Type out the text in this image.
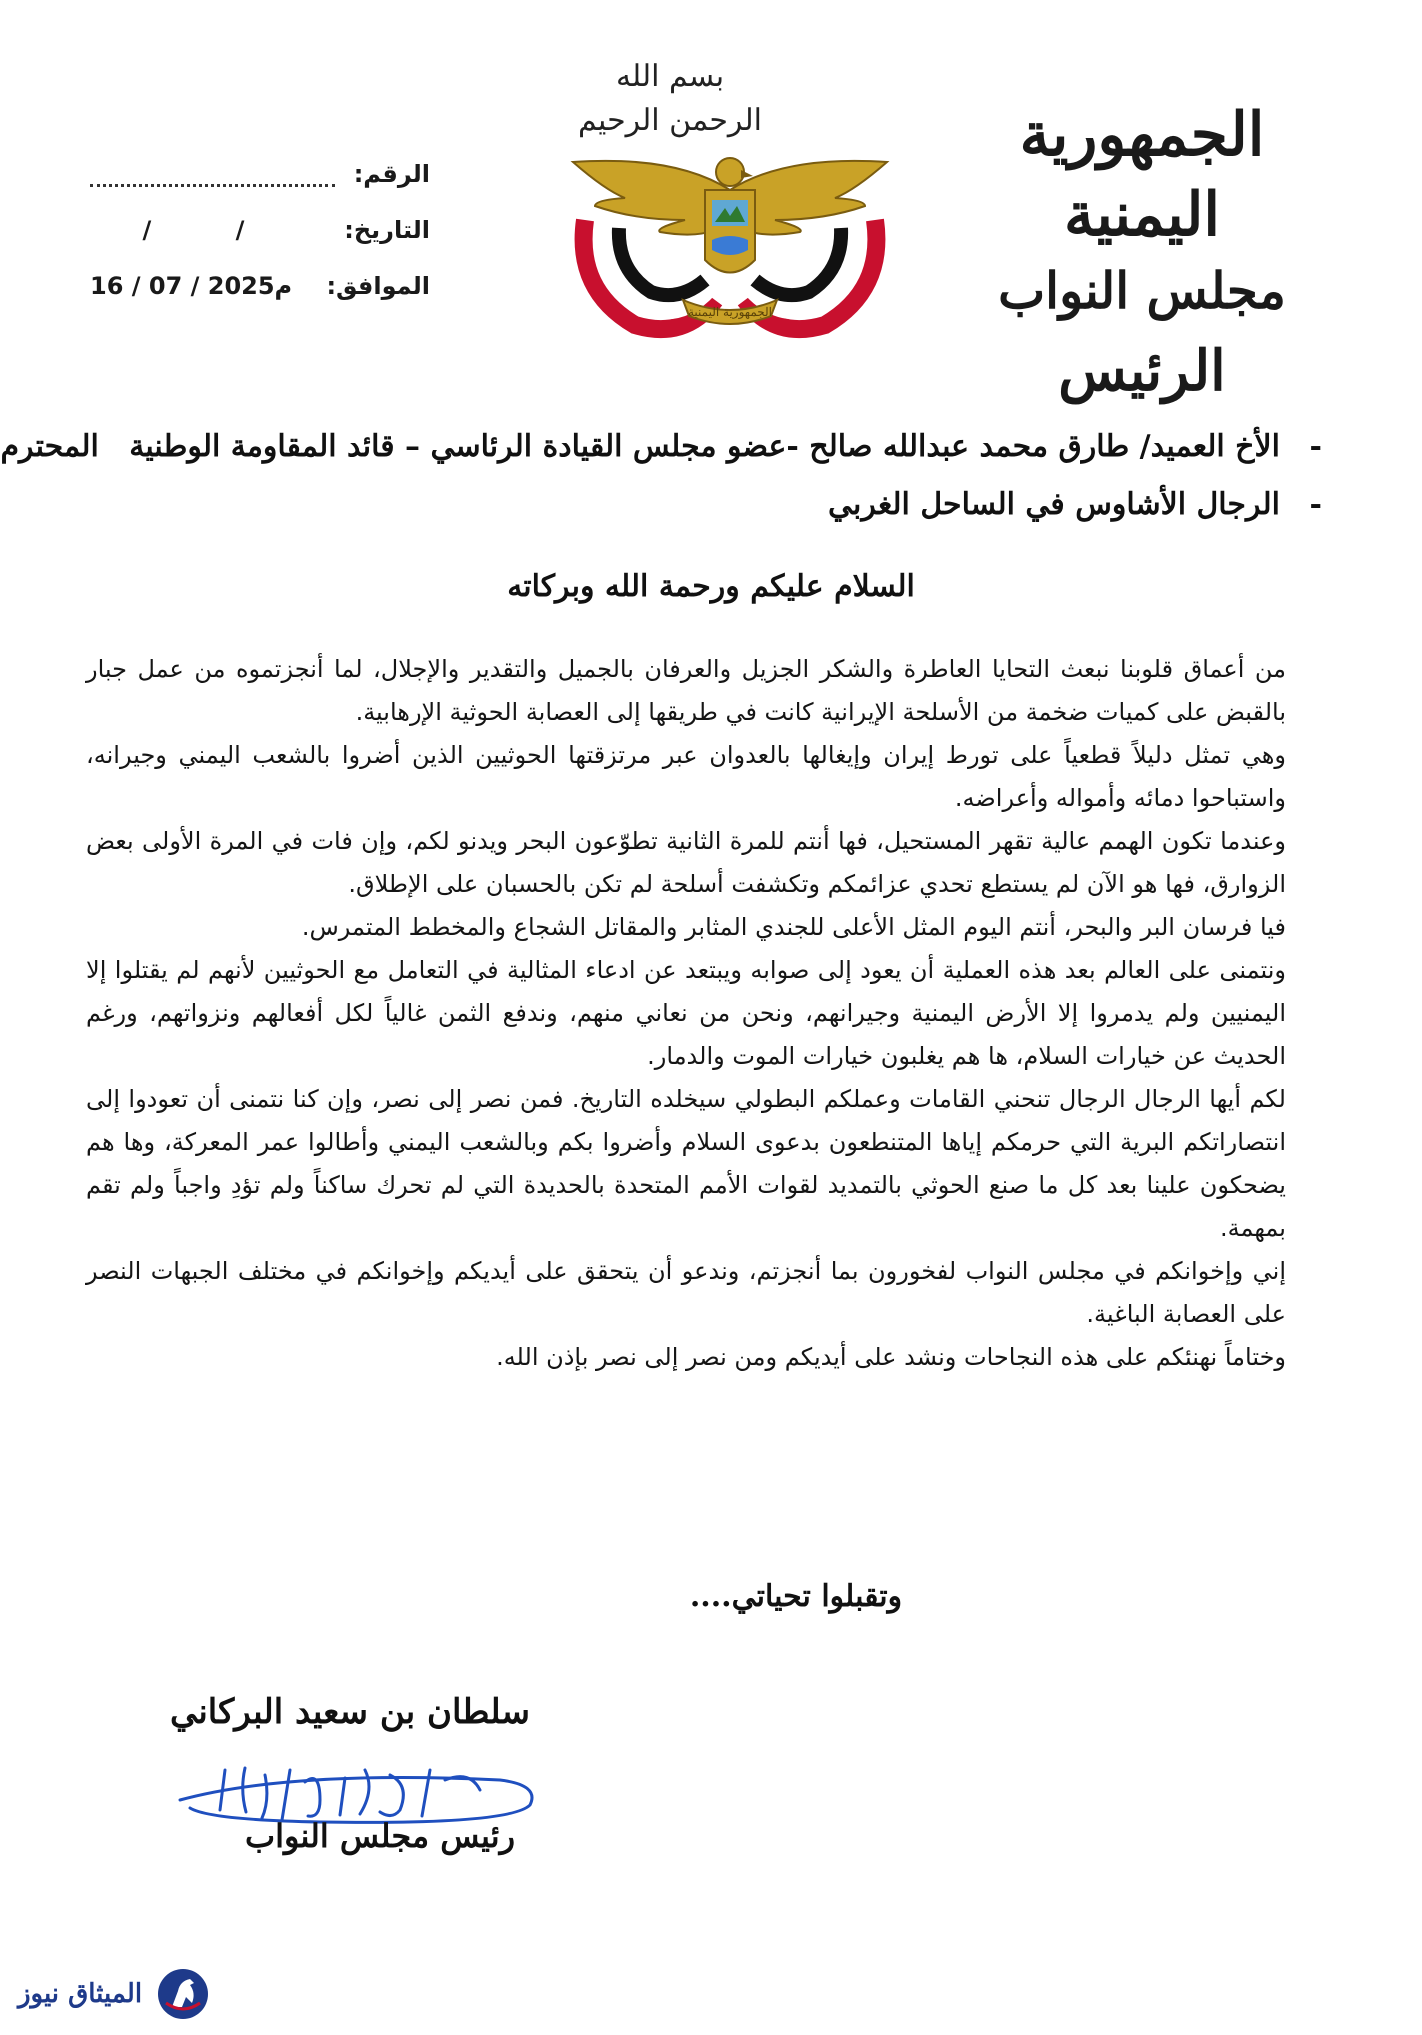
الجمهورية اليمنية
مجلس النواب
الرئيس
بسم الله الرحمن الرحيم
الجمهورية اليمنية
الرقم:
التاريخ:
/ /
الموافق:
16 / 07 / 2025م
-
الأخ العميد/ طارق محمد عبدالله صالح -عضو مجلس القيادة الرئاسي – قائد المقاومة الوطنية المحترم
-
الرجال الأشاوس في الساحل الغربي
السلام عليكم ورحمة الله وبركاته

من أعماق قلوبنا نبعث التحايا العاطرة والشكر الجزيل والعرفان بالجميل والتقدير والإجلال، لما أنجزتموه من عمل جبار بالقبض على كميات ضخمة من الأسلحة الإيرانية كانت في طريقها إلى العصابة الحوثية الإرهابية.

وهي تمثل دليلاً قطعياً على تورط إيران وإيغالها بالعدوان عبر مرتزقتها الحوثيين الذين أضروا بالشعب اليمني وجيرانه، واستباحوا دمائه وأمواله وأعراضه.

وعندما تكون الهمم عالية تقهر المستحيل، فها أنتم للمرة الثانية تطوّعون البحر ويدنو لكم، وإن فات في المرة الأولى بعض الزوارق، فها هو الآن لم يستطع تحدي عزائمكم وتكشفت أسلحة لم تكن بالحسبان على الإطلاق.

فيا فرسان البر والبحر، أنتم اليوم المثل الأعلى للجندي المثابر والمقاتل الشجاع والمخطط المتمرس.

ونتمنى على العالم بعد هذه العملية أن يعود إلى صوابه ويبتعد عن ادعاء المثالية في التعامل مع الحوثيين لأنهم لم يقتلوا إلا اليمنيين ولم يدمروا إلا الأرض اليمنية وجيرانهم، ونحن من نعاني منهم، وندفع الثمن غالياً لكل أفعالهم ونزواتهم، ورغم الحديث عن خيارات السلام، ها هم يغلبون خيارات الموت والدمار.

لكم أيها الرجال الرجال تنحني القامات وعملكم البطولي سيخلده التاريخ. فمن نصر إلى نصر، وإن كنا نتمنى أن تعودوا إلى انتصاراتكم البرية التي حرمكم إياها المتنطعون بدعوى السلام وأضروا بكم وبالشعب اليمني وأطالوا عمر المعركة، وها هم يضحكون علينا بعد كل ما صنع الحوثي بالتمديد لقوات الأمم المتحدة بالحديدة التي لم تحرك ساكناً ولم تؤدِ واجباً ولم تقم بمهمة.

إني وإخوانكم في مجلس النواب لفخورون بما أنجزتم، وندعو أن يتحقق على أيديكم وإخوانكم في مختلف الجبهات النصر على العصابة الباغية.

وختاماً نهنئكم على هذه النجاحات ونشد على أيديكم ومن نصر إلى نصر بإذن الله.

وتقبلوا تحياتي....
سلطان بن سعيد البركاني
رئيس مجلس النواب
الميثاق نيوز
